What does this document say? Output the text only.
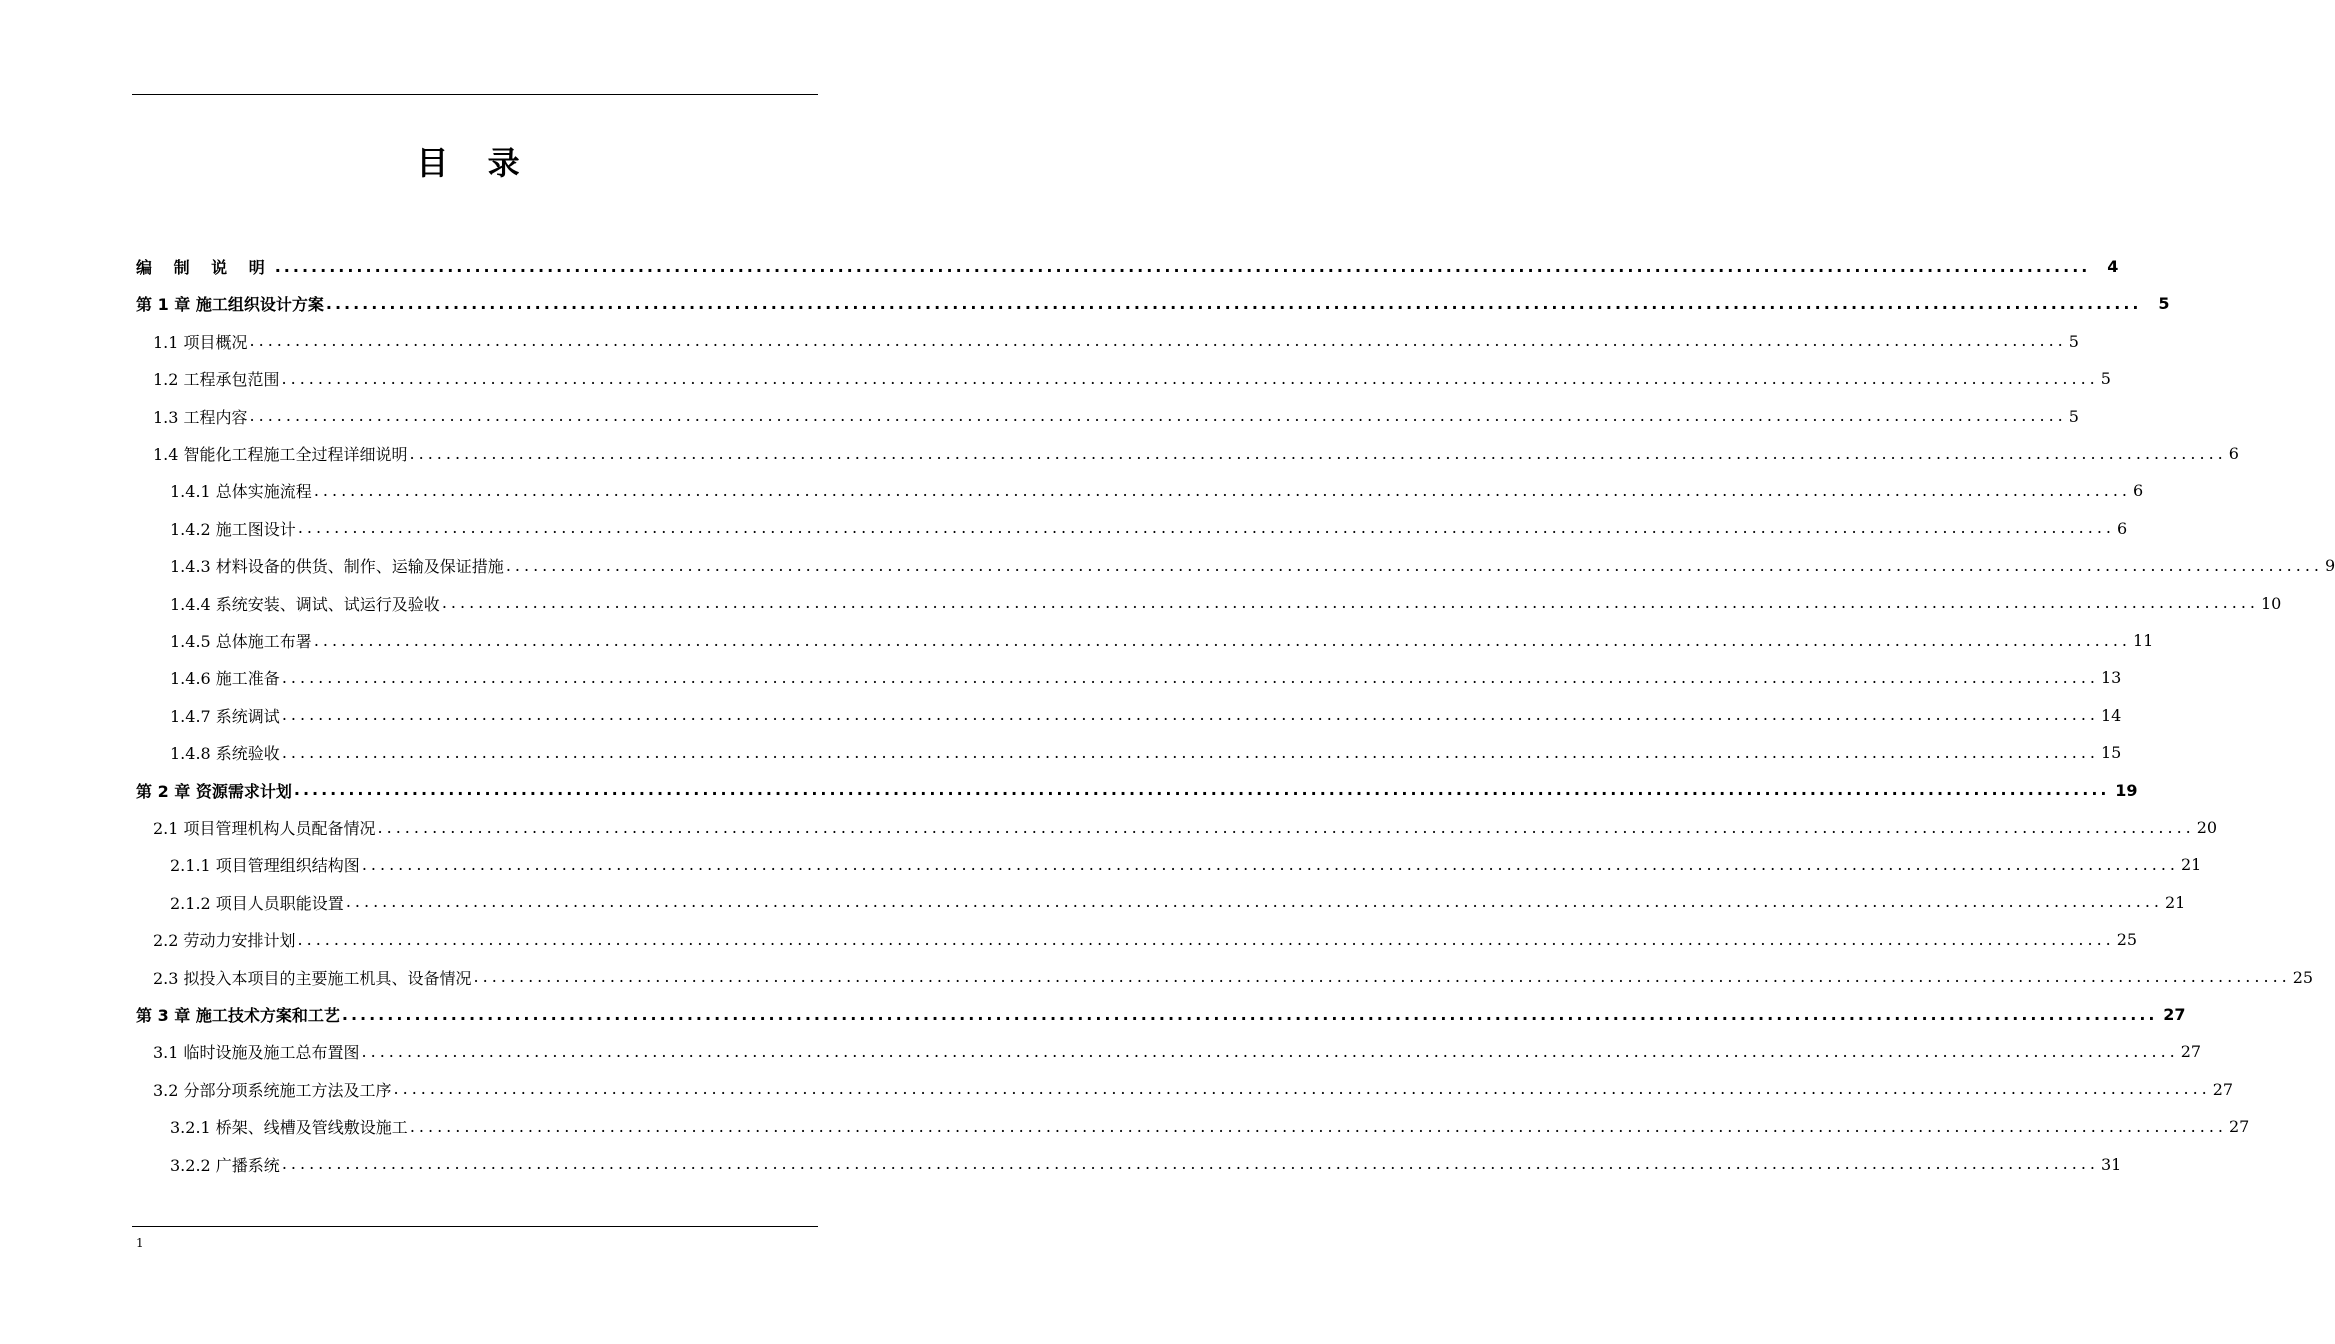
目 录
编 制 说 明 ........................................................................................................................................................................................................	4
第 1 章 施工组织设计方案 ........................................................................................................................................................................................................	5
1.1 项目概况 ........................................................................................................................................................................................................ 5
1.2 工程承包范围 ........................................................................................................................................................................................................ 5
1.3 工程内容 ........................................................................................................................................................................................................ 5
1.4 智能化工程施工全过程详细说明 ........................................................................................................................................................................................................ 6
1.4.1 总体实施流程 ........................................................................................................................................................................................................ 6
1.4.2 施工图设计 ........................................................................................................................................................................................................ 6
1.4.3 材料设备的供货、制作、运输及保证措施 ........................................................................................................................................................................................................ 9
1.4.4 系统安装、调试、试运行及验收 ........................................................................................................................................................................................................ 10
1.4.5 总体施工布署 ........................................................................................................................................................................................................ 11
1.4.6 施工准备 ........................................................................................................................................................................................................ 13
1.4.7 系统调试 ........................................................................................................................................................................................................ 14
1.4.8 系统验收 ........................................................................................................................................................................................................ 15
第 2 章 资源需求计划 ........................................................................................................................................................................................................ 19
2.1 项目管理机构人员配备情况 ........................................................................................................................................................................................................ 20
2.1.1 项目管理组织结构图 ........................................................................................................................................................................................................ 21
2.1.2 项目人员职能设置 ........................................................................................................................................................................................................ 21
2.2 劳动力安排计划 ........................................................................................................................................................................................................ 25
2.3 拟投入本项目的主要施工机具、设备情况 ........................................................................................................................................................................................................ 25
第 3 章 施工技术方案和工艺 ........................................................................................................................................................................................................ 27
3.1 临时设施及施工总布置图 ........................................................................................................................................................................................................ 27
3.2 分部分项系统施工方法及工序 ........................................................................................................................................................................................................ 27
3.2.1 桥架、线槽及管线敷设施工 ........................................................................................................................................................................................................ 27
3.2.2 广播系统 ........................................................................................................................................................................................................ 31
1
